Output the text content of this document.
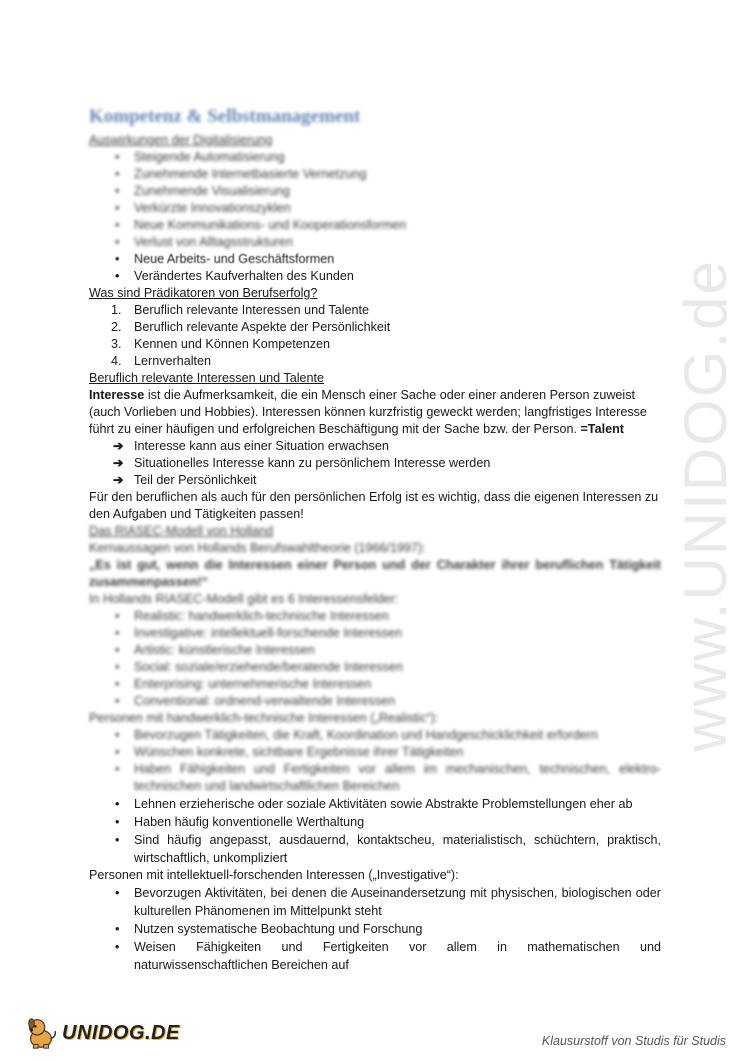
www.UNIDOG.de
Kompetenz & Selbstmanagement
Auswirkungen der Digitalisierung
• Steigende Automatisierung
• Zunehmende Internetbasierte Vernetzung
• Zunehmende Visualisierung
• Verkürzte Innovationszyklen
• Neue Kommunikations- und Kooperationsformen
• Verlust von Alltagsstrukturen
• Neue Arbeits- und Geschäftsformen
• Verändertes Kaufverhalten des Kunden
Was sind Prädikatoren von Berufserfolg?
1. Beruflich relevante Interessen und Talente
2. Beruflich relevante Aspekte der Persönlichkeit
3. Kennen und Können Kompetenzen
4. Lernverhalten
Beruflich relevante Interessen und Talente

Interesse ist die Aufmerksamkeit, die ein Mensch einer Sache oder einer anderen Person zuweist (auch Vorlieben und Hobbies). Interessen können kurzfristig geweckt werden; langfristiges Interesse führt zu einer häufigen und erfolgreichen Beschäftigung mit der Sache bzw. der Person. =Talent

➔ Interesse kann aus einer Situation erwachsen
➔ Situationelles Interesse kann zu persönlichem Interesse werden
➔ Teil der Persönlichkeit

Für den beruflichen als auch für den persönlichen Erfolg ist es wichtig, dass die eigenen Interessen zu den Aufgaben und Tätigkeiten passen!

Das RIASEC-Modell von Holland

Kernaussagen von Hollands Berufswahltheorie (1966/1997):

„Es ist gut, wenn die Interessen einer Person und der Charakter ihrer beruflichen Tätigkeit zusammenpassen!“

In Hollands RIASEC-Modell gibt es 6 Interessensfelder:

• Realistic: handwerklich-technische Interessen
• Investigative: intellektuell-forschende Interessen
• Artistic: künstlerische Interessen
• Social: soziale/erziehende/beratende Interessen
• Enterprising: unternehmerische Interessen
• Conventional: ordnend-verwaltende Interessen

Personen mit handwerklich-technische Interessen („Realistic“):

• Bevorzugen Tätigkeiten, die Kraft, Koordination und Handgeschicklichkeit erfordern
• Wünschen konkrete, sichtbare Ergebnisse ihrer Tätigkeiten
• Haben Fähigkeiten und Fertigkeiten vor allem im mechanischen, technischen, elektro-technischen und landwirtschaftlichen Bereichen
• Lehnen erzieherische oder soziale Aktivitäten sowie Abstrakte Problemstellungen eher ab
• Haben häufig konventionelle Werthaltung
• Sind häufig angepasst, ausdauernd, kontaktscheu, materialistisch, schüchtern, praktisch, wirtschaftlich, unkompliziert

Personen mit intellektuell-forschenden Interessen („Investigative“):

• Bevorzugen Aktivitäten, bei denen die Auseinandersetzung mit physischen, biologischen oder kulturellen Phänomenen im Mittelpunkt steht
• Nutzen systematische Beobachtung und Forschung
• Weisen Fähigkeiten und Fertigkeiten vor allem in mathematischen und naturwissenschaftlichen Bereichen auf
UNIDOG.DE	Klausurstoff von Studis für Studis
